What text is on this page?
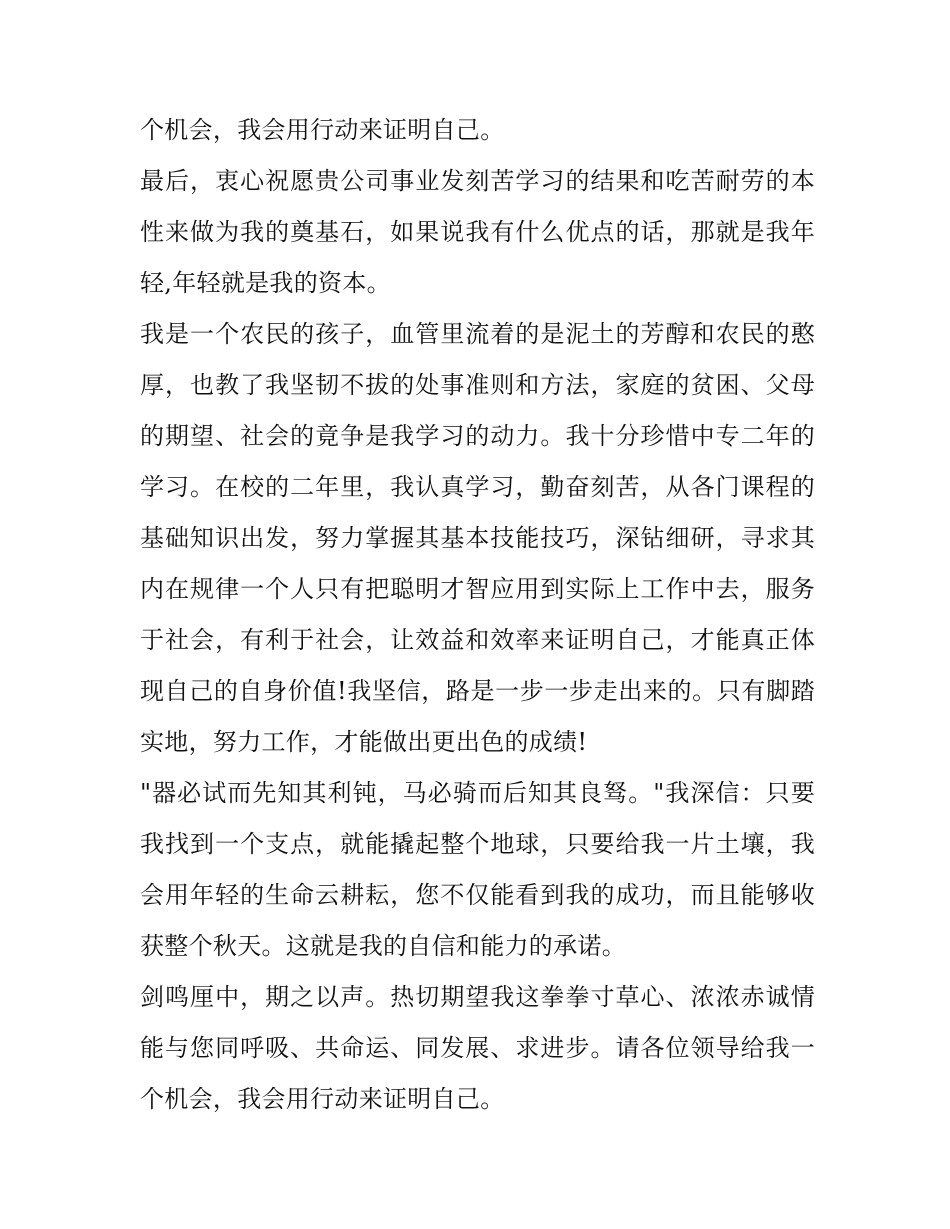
个机会，我会用行动来证明自己。

最后，衷心祝愿贵公司事业发刻苦学习的结果和吃苦耐劳的本性来做为我的奠基石，如果说我有什么优点的话，那就是我年轻,年轻就是我的资本。

我是一个农民的孩子，血管里流着的是泥土的芳醇和农民的憨厚，也教了我坚韧不拔的处事准则和方法，家庭的贫困、父母的期望、社会的竟争是我学习的动力。我十分珍惜中专二年的学习。在校的二年里，我认真学习，勤奋刻苦，从各门课程的基础知识出发，努力掌握其基本技能技巧，深钻细研，寻求其内在规律一个人只有把聪明才智应用到实际上工作中去，服务于社会，有利于社会，让效益和效率来证明自己，才能真正体现自己的自身价值!我坚信，路是一步一步走出来的。只有脚踏实地，努力工作，才能做出更出色的成绩!

"器必试而先知其利钝，马必骑而后知其良驽。"我深信：只要我找到一个支点，就能撬起整个地球，只要给我一片土壤，我会用年轻的生命云耕耘，您不仅能看到我的成功，而且能够收获整个秋天。这就是我的自信和能力的承诺。

剑鸣厘中，期之以声。热切期望我这拳拳寸草心、浓浓赤诚情能与您同呼吸、共命运、同发展、求进步。请各位领导给我一个机会，我会用行动来证明自己。
